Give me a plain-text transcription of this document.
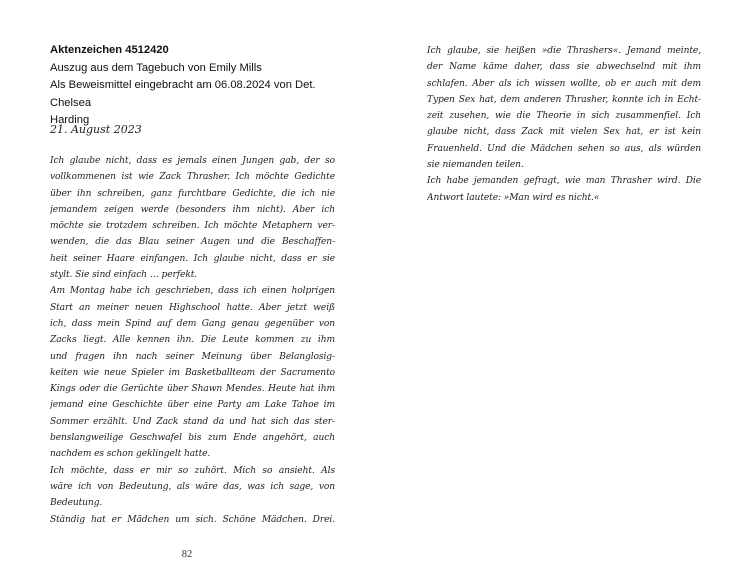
Aktenzeichen 4512420
Auszug aus dem Tagebuch von Emily Mills
Als Beweismittel eingebracht am 06.08.2024 von Det. Chelsea
Harding
21. August 2023
Ich glaube nicht, dass es jemals einen Jungen gab, der so
vollkommenen ist wie Zack Thrasher. Ich möchte Gedichte
über ihn schreiben, ganz furchtbare Gedichte, die ich nie
jemandem zeigen werde (besonders ihm nicht). Aber ich
möchte sie trotzdem schreiben. Ich möchte Metaphern ver-
wenden, die das Blau seiner Augen und die Beschaffen-
heit seiner Haare einfangen. Ich glaube nicht, dass er sie
stylt. Sie sind einfach … perfekt.
Am Montag habe ich geschrieben, dass ich einen holprigen
Start an meiner neuen Highschool hatte. Aber jetzt weiß
ich, dass mein Spind auf dem Gang genau gegenüber von
Zacks liegt. Alle kennen ihn. Die Leute kommen zu ihm
und fragen ihn nach seiner Meinung über Belanglosig-
keiten wie neue Spieler im Basketballteam der Sacramento
Kings oder die Gerüchte über Shawn Mendes. Heute hat ihm
jemand eine Geschichte über eine Party am Lake Tahoe im
Sommer erzählt. Und Zack stand da und hat sich das ster-
benslangweilige Geschwafel bis zum Ende angehört, auch
nachdem es schon geklingelt hatte.
Ich möchte, dass er mir so zuhört. Mich so ansieht. Als
wäre ich von Bedeutung, als wäre das, was ich sage, von
Bedeutung.
Ständig hat er Mädchen um sich. Schöne Mädchen. Drei.
82
Ich glaube, sie heißen »die Thrashers«. Jemand meinte,
der Name käme daher, dass sie abwechselnd mit ihm
schlafen. Aber als ich wissen wollte, ob er auch mit dem
Typen Sex hat, dem anderen Thrasher, konnte ich in Echt-
zeit zusehen, wie die Theorie in sich zusammenfiel. Ich
glaube nicht, dass Zack mit vielen Sex hat, er ist kein
Frauenheld. Und die Mädchen sehen so aus, als würden
sie niemanden teilen.
Ich habe jemanden gefragt, wie man Thrasher wird. Die
Antwort lautete: »Man wird es nicht.«
